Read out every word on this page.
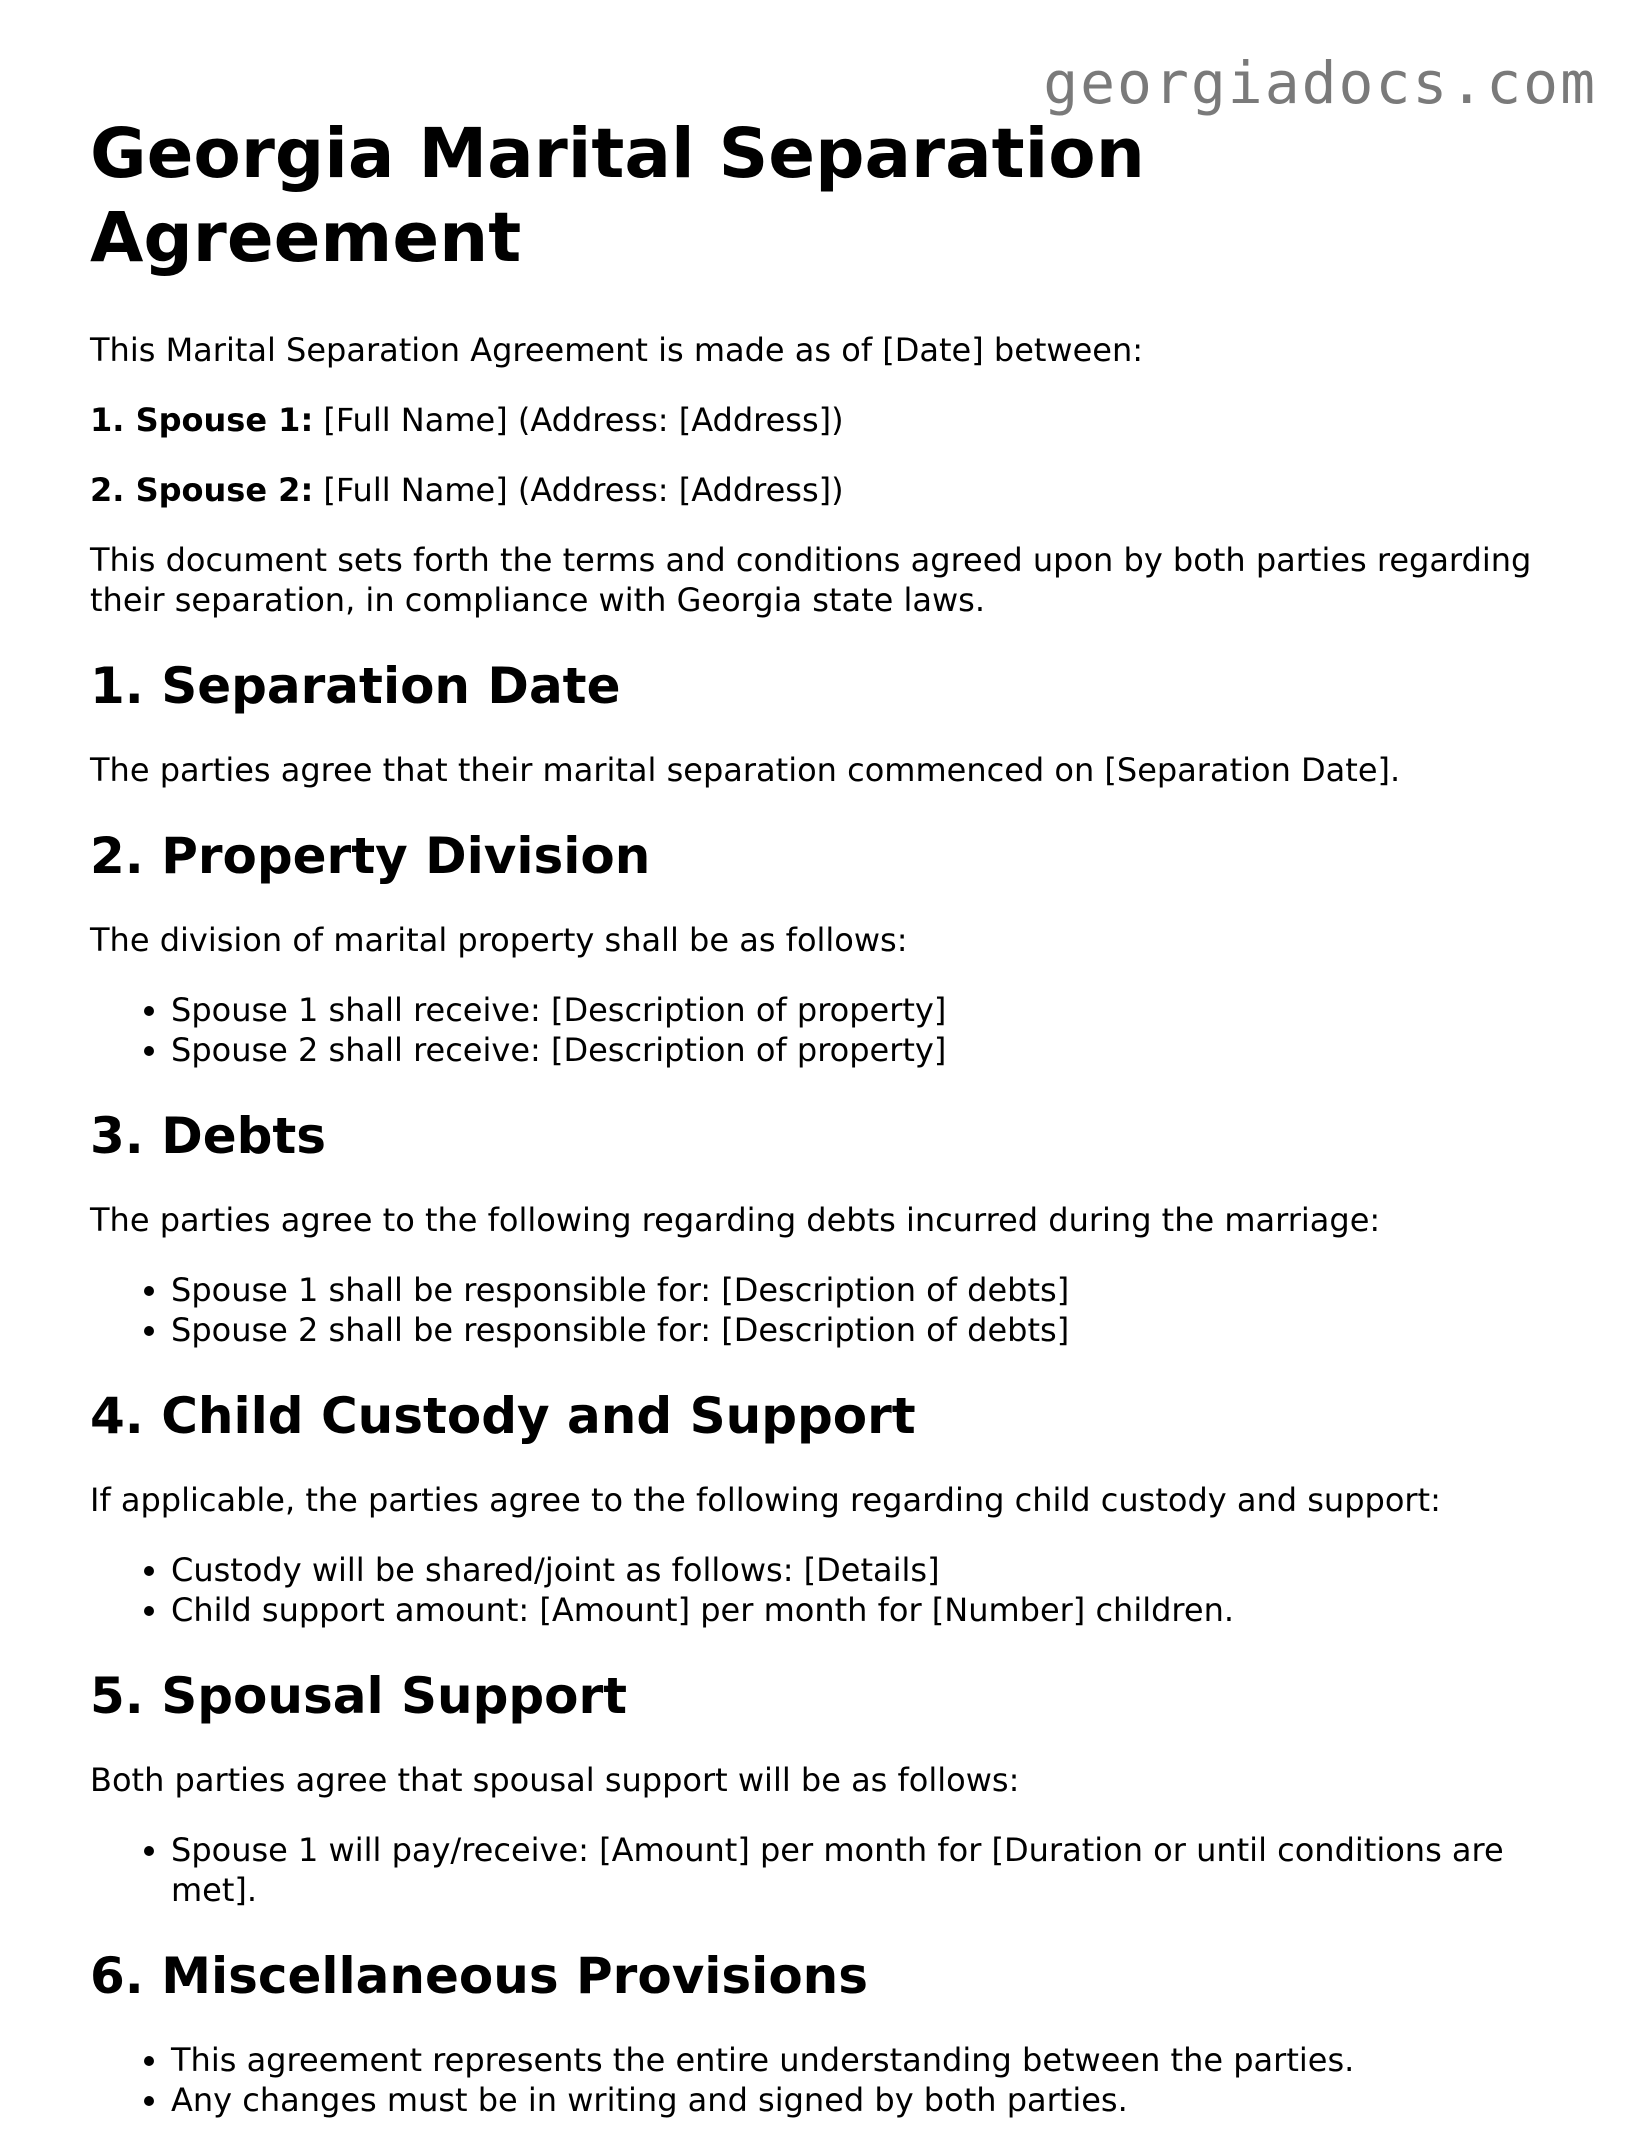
georgiadocs.com
Georgia Marital Separation Agreement

This Marital Separation Agreement is made as of [Date] between:

1. Spouse 1: [Full Name] (Address: [Address])

2. Spouse 2: [Full Name] (Address: [Address])

This document sets forth the terms and conditions agreed upon by both parties regarding their separation, in compliance with Georgia state laws.

1. Separation Date

The parties agree that their marital separation commenced on [Separation Date].

2. Property Division

The division of marital property shall be as follows:

• Spouse 1 shall receive: [Description of property]
• Spouse 2 shall receive: [Description of property]
3. Debts

The parties agree to the following regarding debts incurred during the marriage:

• Spouse 1 shall be responsible for: [Description of debts]
• Spouse 2 shall be responsible for: [Description of debts]
4. Child Custody and Support

If applicable, the parties agree to the following regarding child custody and support:

• Custody will be shared/joint as follows: [Details]
• Child support amount: [Amount] per month for [Number] children.
5. Spousal Support

Both parties agree that spousal support will be as follows:

• Spouse 1 will pay/receive: [Amount] per month for [Duration or until conditions are met].
6. Miscellaneous Provisions
• This agreement represents the entire understanding between the parties.
• Any changes must be in writing and signed by both parties.
